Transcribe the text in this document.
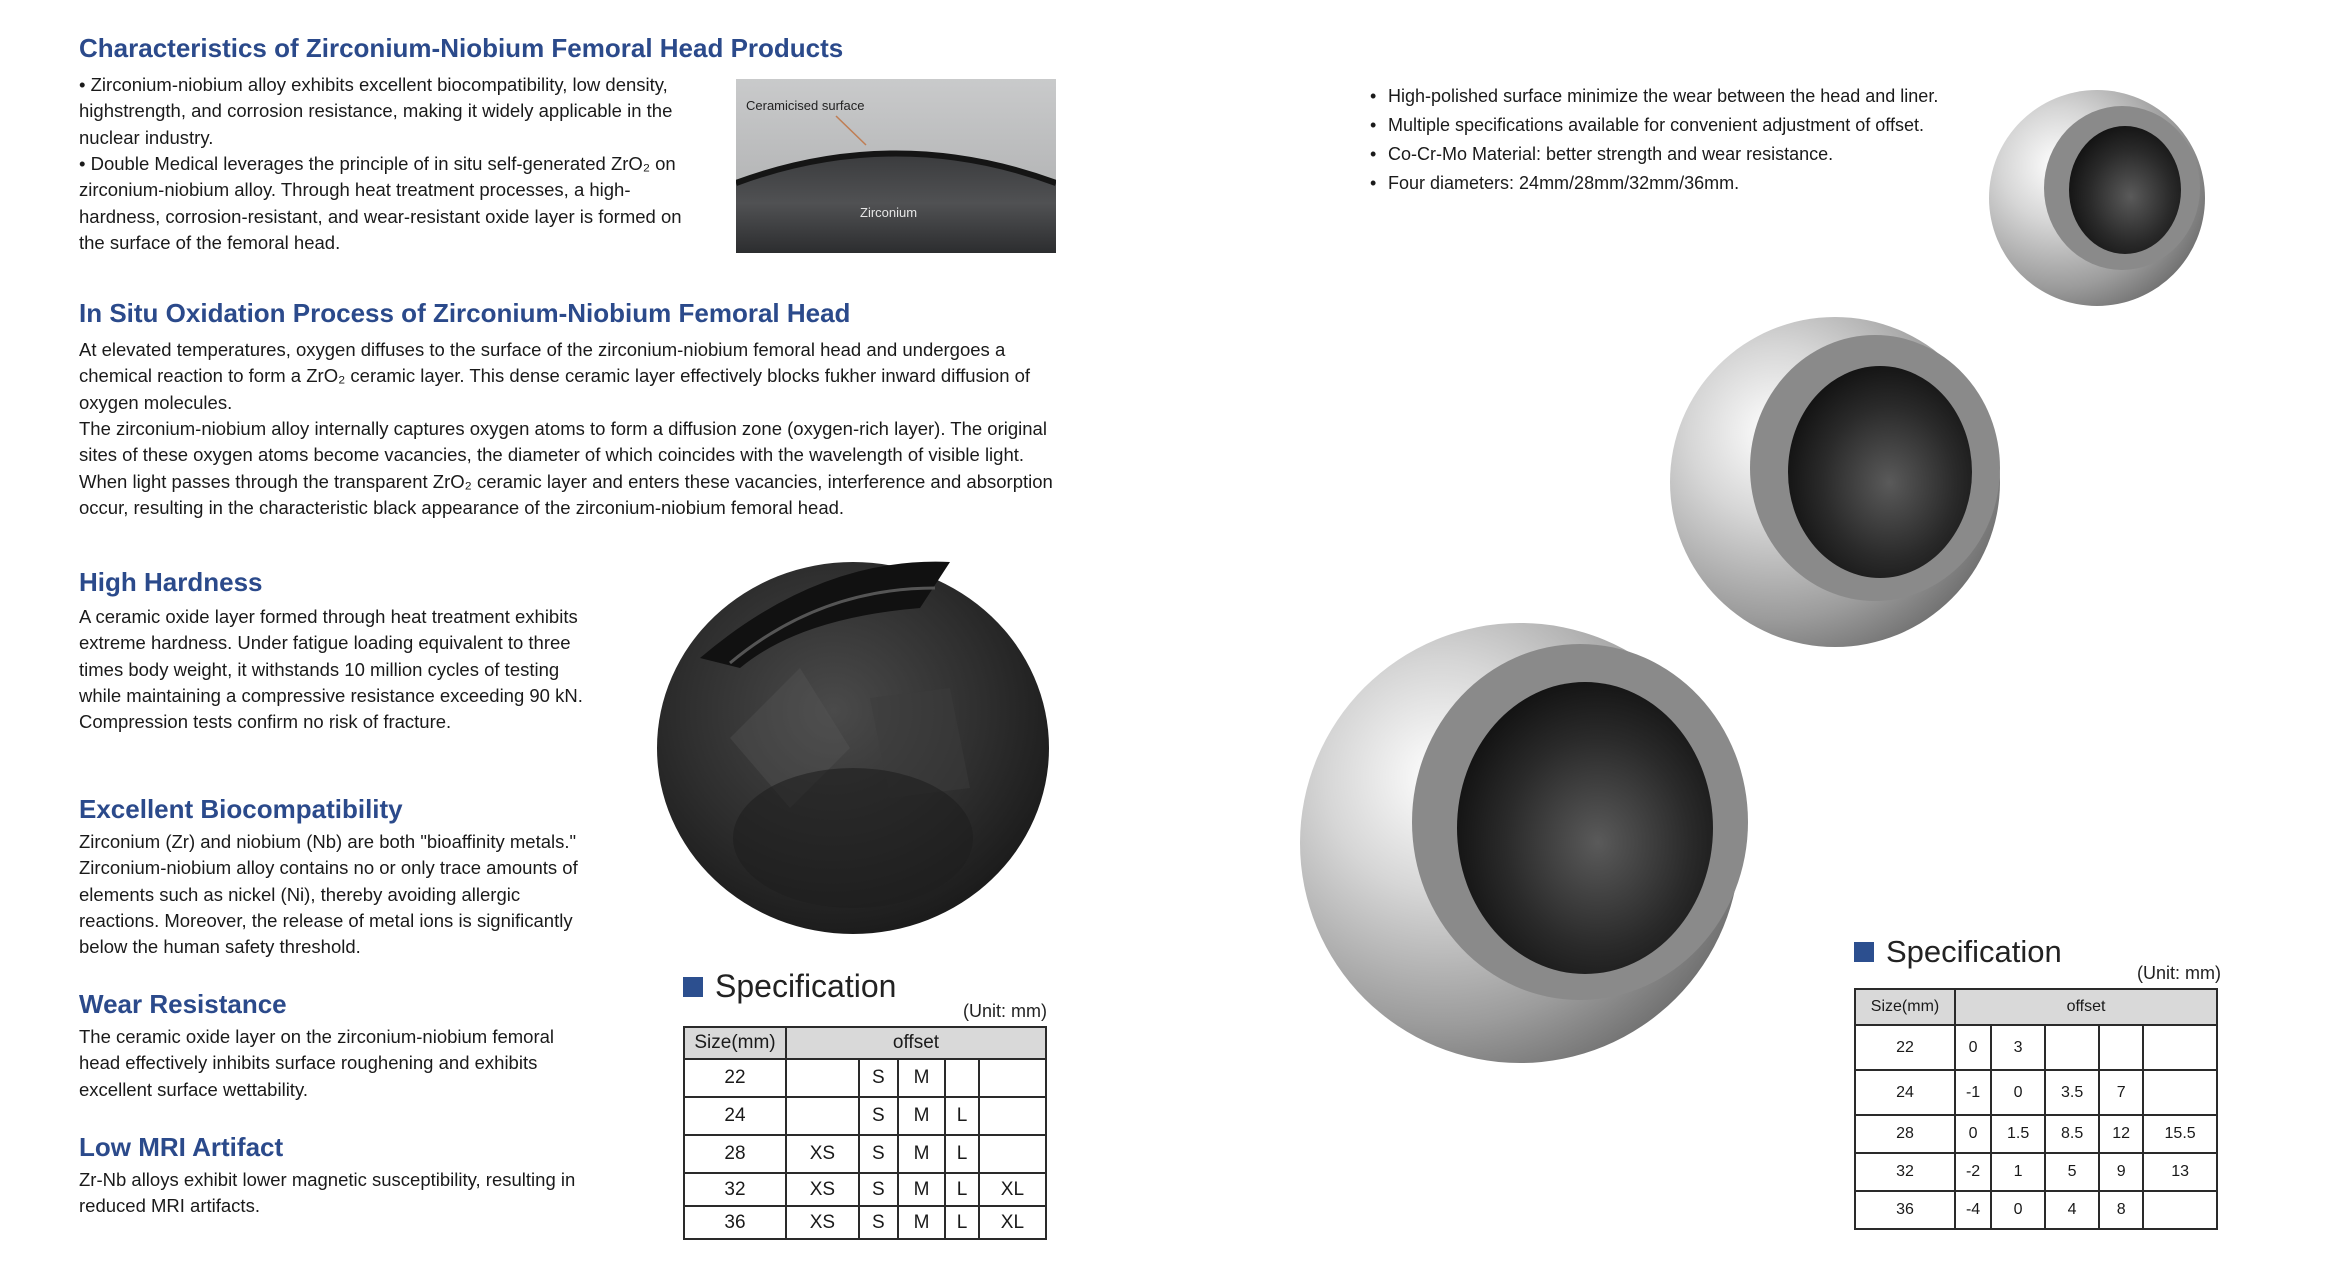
Characteristics of Zirconium-Niobium Femoral Head Products

• Zirconium-niobium alloy exhibits excellent biocompatibility, low density, highstrength, and corrosion resistance, making it widely applicable in the nuclear industry.

• Double Medical leverages the principle of in situ self-generated ZrO₂ on zirconium-niobium alloy. Through heat treatment processes, a high-hardness, corrosion-resistant, and wear-resistant oxide layer is formed on the surface of the femoral head.

Ceramicised surface
Zirconium
In Situ Oxidation Process of Zirconium-Niobium Femoral Head

At elevated temperatures, oxygen diffuses to the surface of the zirconium-niobium femoral head and undergoes a chemical reaction to form a ZrO₂ ceramic layer. This dense ceramic layer effectively blocks fukher inward diffusion of oxygen molecules.

The zirconium-niobium alloy internally captures oxygen atoms to form a diffusion zone (oxygen-rich layer). The original sites of these oxygen atoms become vacancies, the diameter of which coincides with the wavelength of visible light. When light passes through the transparent ZrO₂ ceramic layer and enters these vacancies, interference and absorption occur, resulting in the characteristic black appearance of the zirconium-niobium femoral head.

High Hardness

A ceramic oxide layer formed through heat treatment exhibits extreme hardness. Under fatigue loading equivalent to three times body weight, it withstands 10 million cycles of testing while maintaining a compressive resistance exceeding 90 kN. Compression tests confirm no risk of fracture.

Excellent Biocompatibility

Zirconium (Zr) and niobium (Nb) are both "bioaffinity metals." Zirconium-niobium alloy contains no or only trace amounts of elements such as nickel (Ni), thereby avoiding allergic reactions. Moreover, the release of metal ions is significantly below the human safety threshold.

Wear Resistance

The ceramic oxide layer on the zirconium-niobium femoral head effectively inhibits surface roughening and exhibits excellent surface wettability.

Low MRI Artifact

Zr-Nb alloys exhibit lower magnetic susceptibility, resulting in reduced MRI artifacts.

Specification
(Unit: mm)
Size(mm)	offset				
22		S	M		
24		S	M	L	
28	XS	S	M	L	
32	XS	S	M	L	XL
36	XS	S	M	L	XL
• High-polished surface minimize the wear between the head and liner.
• Multiple specifications available for convenient adjustment of offset.
• Co-Cr-Mo Material: better strength and wear resistance.
• Four diameters: 24mm/28mm/32mm/36mm.
Specification
(Unit: mm)
Size(mm)	offset				
22	0	3			
24	-1	0	3.5	7	
28	0	1.5	8.5	12	15.5
32	-2	1	5	9	13
36	-4	0	4	8	
